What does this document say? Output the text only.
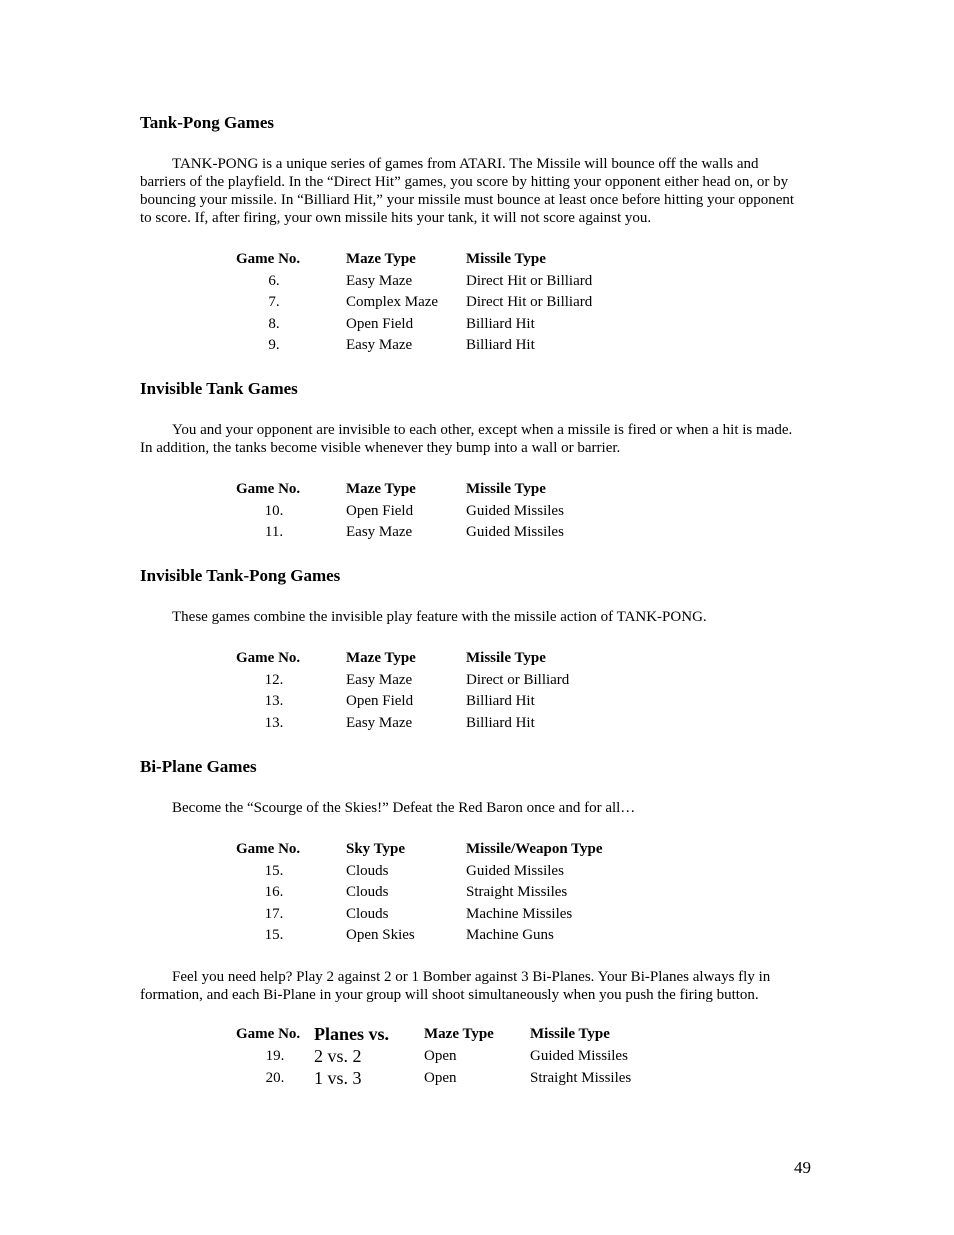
Tank-Pong Games

TANK-PONG is a unique series of games from ATARI. The Missile will bounce off the walls and barriers of the playfield. In the “Direct Hit” games, you score by hitting your opponent either head on, or by bouncing your missile. In “Billiard Hit,” your missile must bounce at least once before hitting your opponent to score. If, after firing, your own missile hits your tank, it will not score against you.

Game No.	Maze Type	Missile Type
6.	Easy Maze	Direct Hit or Billiard
7.	Complex Maze	Direct Hit or Billiard
8.	Open Field	Billiard Hit
9.	Easy Maze	Billiard Hit
Invisible Tank Games

You and your opponent are invisible to each other, except when a missile is fired or when a hit is made. In addition, the tanks become visible whenever they bump into a wall or barrier.

Game No.	Maze Type	Missile Type
10.	Open Field	Guided Missiles
11.	Easy Maze	Guided Missiles
Invisible Tank-Pong Games

These games combine the invisible play feature with the missile action of TANK-PONG.

Game No.	Maze Type	Missile Type
12.	Easy Maze	Direct or Billiard
13.	Open Field	Billiard Hit
13.	Easy Maze	Billiard Hit
Bi-Plane Games

Become the “Scourge of the Skies!” Defeat the Red Baron once and for all…

Game No.	Sky Type	Missile/Weapon Type
15.	Clouds	Guided Missiles
16.	Clouds	Straight Missiles
17.	Clouds	Machine Missiles
15.	Open Skies	Machine Guns

Feel you need help? Play 2 against 2 or 1 Bomber against 3 Bi-Planes. Your Bi-Planes always fly in formation, and each Bi-Plane in your group will shoot simultaneously when you push the firing button.

Game No.	Planes vs.	Maze Type	Missile Type
19.	2 vs. 2	Open	Guided Missiles
20.	1 vs. 3	Open	Straight Missiles
49
